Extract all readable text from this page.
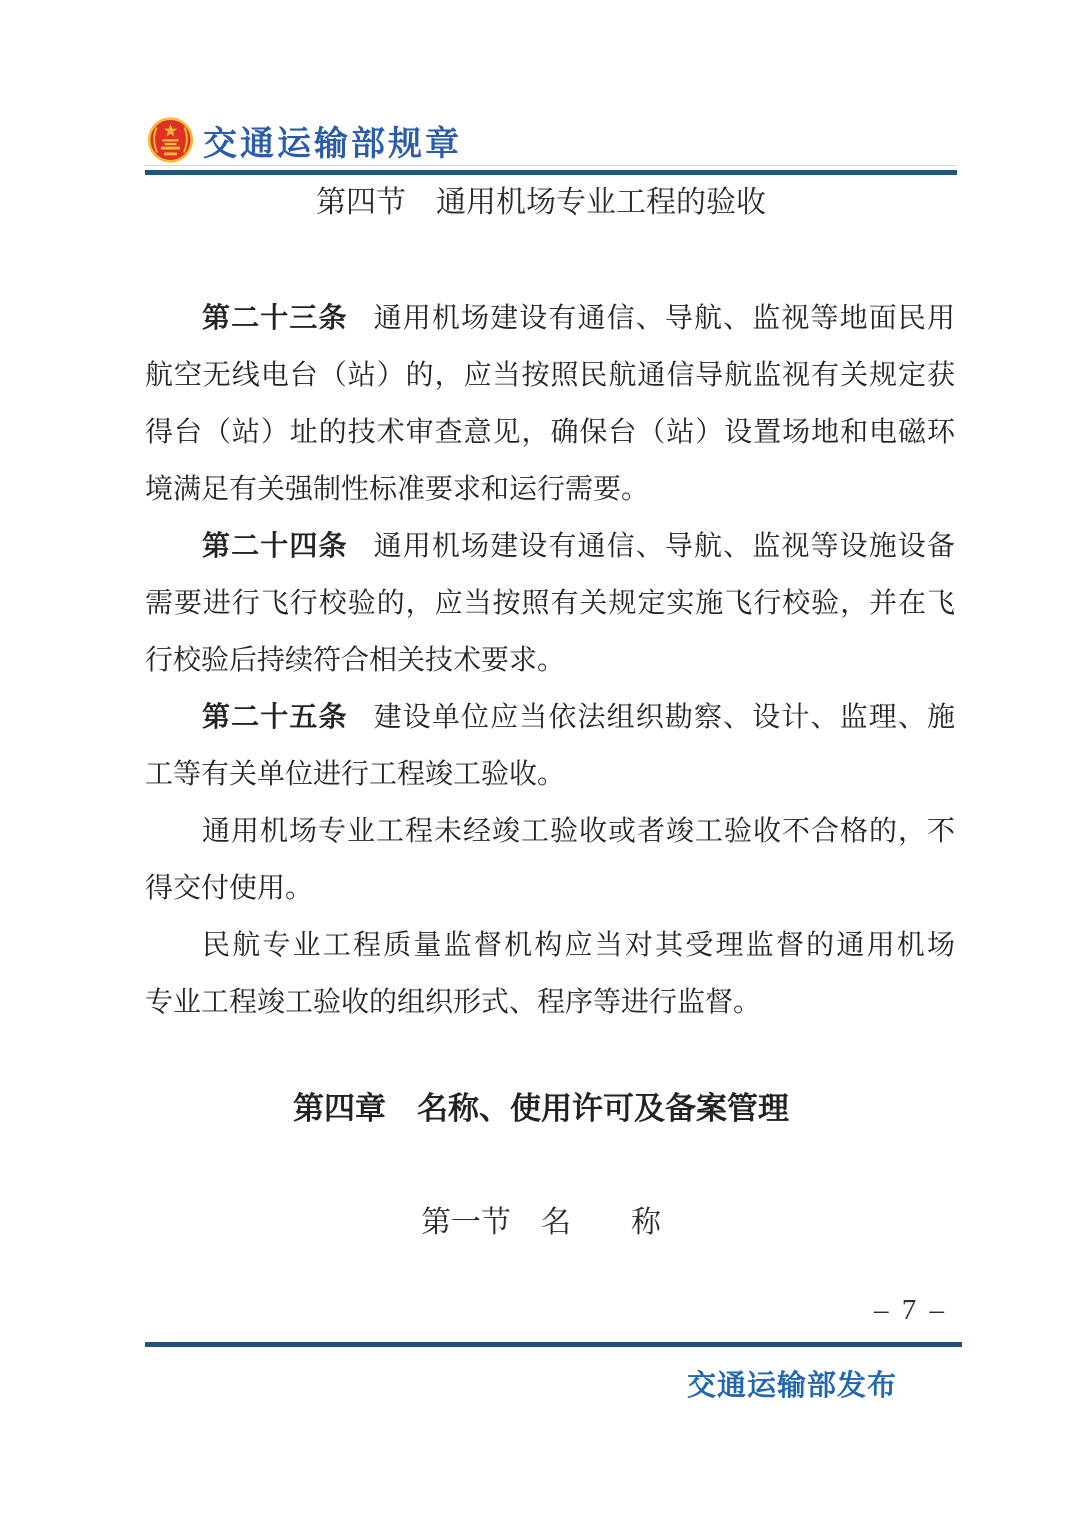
交通运输部规章
第四节　通用机场专业工程的验收
第二十三条 通用机场建设有通信、导航、监视等地面民用
航空无线电台（站）的，应当按照民航通信导航监视有关规定获
得台（站）址的技术审查意见，确保台（站）设置场地和电磁环
境满足有关强制性标准要求和运行需要。
第二十四条 通用机场建设有通信、导航、监视等设施设备
需要进行飞行校验的，应当按照有关规定实施飞行校验，并在飞
行校验后持续符合相关技术要求。
第二十五条 建设单位应当依法组织勘察、设计、监理、施
工等有关单位进行工程竣工验收。
通用机场专业工程未经竣工验收或者竣工验收不合格的，不
得交付使用。
民航专业工程质量监督机构应当对其受理监督的通用机场
专业工程竣工验收的组织形式、程序等进行监督。
第四章　名称、使用许可及备案管理
第一节　名　　称
– 7 –
交通运输部发布
